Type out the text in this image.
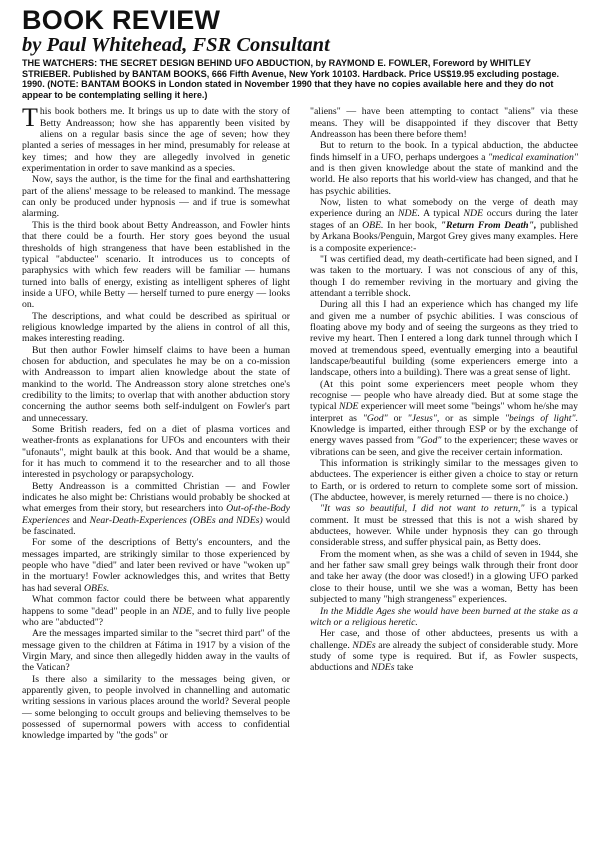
BOOK REVIEW
by Paul Whitehead, FSR Consultant
THE WATCHERS: THE SECRET DESIGN BEHIND UFO ABDUCTION, by RAYMOND E. FOWLER, Foreword by WHITLEY STRIEBER. Published by BANTAM BOOKS, 666 Fifth Avenue, New York 10103. Hardback. Price US$19.95 excluding postage. 1990. (NOTE: BANTAM BOOKS in London stated in November 1990 that they have no copies available here and they do not appear to be contemplating selling it here.)

This book bothers me. It brings us up to date with the story of Betty Andreasson; how she has apparently been visited by aliens on a regular basis since the age of seven; how they planted a series of messages in her mind, presumably for release at key times; and how they are allegedly involved in genetic experimentation in order to save mankind as a species.

Now, says the author, is the time for the final and earthshattering part of the aliens' message to be released to mankind. The message can only be produced under hypnosis — and if true is somewhat alarming.

This is the third book about Betty Andreasson, and Fowler hints that there could be a fourth. Her story goes beyond the usual thresholds of high strangeness that have been established in the typical "abductee" scenario. It introduces us to concepts of paraphysics with which few readers will be familiar — humans turned into balls of energy, existing as intelligent spheres of light inside a UFO, while Betty — herself turned to pure energy — looks on.

The descriptions, and what could be described as spiritual or religious knowledge imparted by the aliens in control of all this, makes interesting reading.

But then author Fowler himself claims to have been a human chosen for abduction, and speculates he may be on a co-mission with Andreasson to impart alien knowledge about the state of mankind to the world. The Andreasson story alone stretches one's credibility to the limits; to overlap that with another abduction story concerning the author seems both self-indulgent on Fowler's part and unnecessary.

Some British readers, fed on a diet of plasma vortices and weather-fronts as explanations for UFOs and encounters with their "ufonauts", might baulk at this book. And that would be a shame, for it has much to commend it to the researcher and to all those interested in psychology or parapsychology.

Betty Andreasson is a committed Christian — and Fowler indicates he also might be: Christians would probably be shocked at what emerges from their story, but researchers into Out-of-the-Body Experiences and Near-Death-Experiences (OBEs and NDEs) would be fascinated.

For some of the descriptions of Betty's encounters, and the messages imparted, are strikingly similar to those experienced by people who have "died" and later been revived or have "woken up" in the mortuary! Fowler acknowledges this, and writes that Betty has had several OBEs.

What common factor could there be between what apparently happens to some "dead" people in an NDE, and to fully live people who are "abducted"?

Are the messages imparted similar to the "secret third part" of the message given to the children at Fátima in 1917 by a vision of the Virgin Mary, and since then allegedly hidden away in the vaults of the Vatican?

Is there also a similarity to the messages being given, or apparently given, to people involved in channelling and automatic writing sessions in various places around the world? Several people — some belonging to occult groups and believing themselves to be possessed of supernormal powers with access to confidential knowledge imparted by "the gods" or

"aliens" — have been attempting to contact "aliens" via these means. They will be disappointed if they discover that Betty Andreasson has been there before them!

But to return to the book. In a typical abduction, the abductee finds himself in a UFO, perhaps undergoes a "medical examination" and is then given knowledge about the state of mankind and the world. He also reports that his world-view has changed, and that he has psychic abilities.

Now, listen to what somebody on the verge of death may experience during an NDE. A typical NDE occurs during the later stages of an OBE. In her book, "Return From Death", published by Arkana Books/Penguin, Margot Grey gives many examples. Here is a composite experience:-

"I was certified dead, my death-certificate had been signed, and I was taken to the mortuary. I was not conscious of any of this, though I do remember reviving in the mortuary and giving the attendant a terrible shock.

During all this I had an experience which has changed my life and given me a number of psychic abilities. I was conscious of floating above my body and of seeing the surgeons as they tried to revive my heart. Then I entered a long dark tunnel through which I moved at tremendous speed, eventually emerging into a beautiful landscape/beautiful building (some experiencers emerge into a landscape, others into a building). There was a great sense of light.

(At this point some experiencers meet people whom they recognise — people who have already died. But at some stage the typical NDE experiencer will meet some "beings" whom he/she may interpret as "God" or "Jesus", or as simple "beings of light". Knowledge is imparted, either through ESP or by the exchange of energy waves passed from "God" to the experiencer; these waves or vibrations can be seen, and give the receiver certain information.

This information is strikingly similar to the messages given to abductees. The experiencer is either given a choice to stay or return to Earth, or is ordered to return to complete some sort of mission. (The abductee, however, is merely returned — there is no choice.)

"It was so beautiful, I did not want to return," is a typical comment. It must be stressed that this is not a wish shared by abductees, however. While under hypnosis they can go through considerable stress, and suffer physical pain, as Betty does.

From the moment when, as she was a child of seven in 1944, she and her father saw small grey beings walk through their front door and take her away (the door was closed!) in a glowing UFO parked close to their house, until we she was a woman, Betty has been subjected to many "high strangeness" experiences.

In the Middle Ages she would have been burned at the stake as a witch or a religious heretic.

Her case, and those of other abductees, presents us with a challenge. NDEs are already the subject of considerable study. More study of some type is required. But if, as Fowler suspects, abductions and NDEs take
